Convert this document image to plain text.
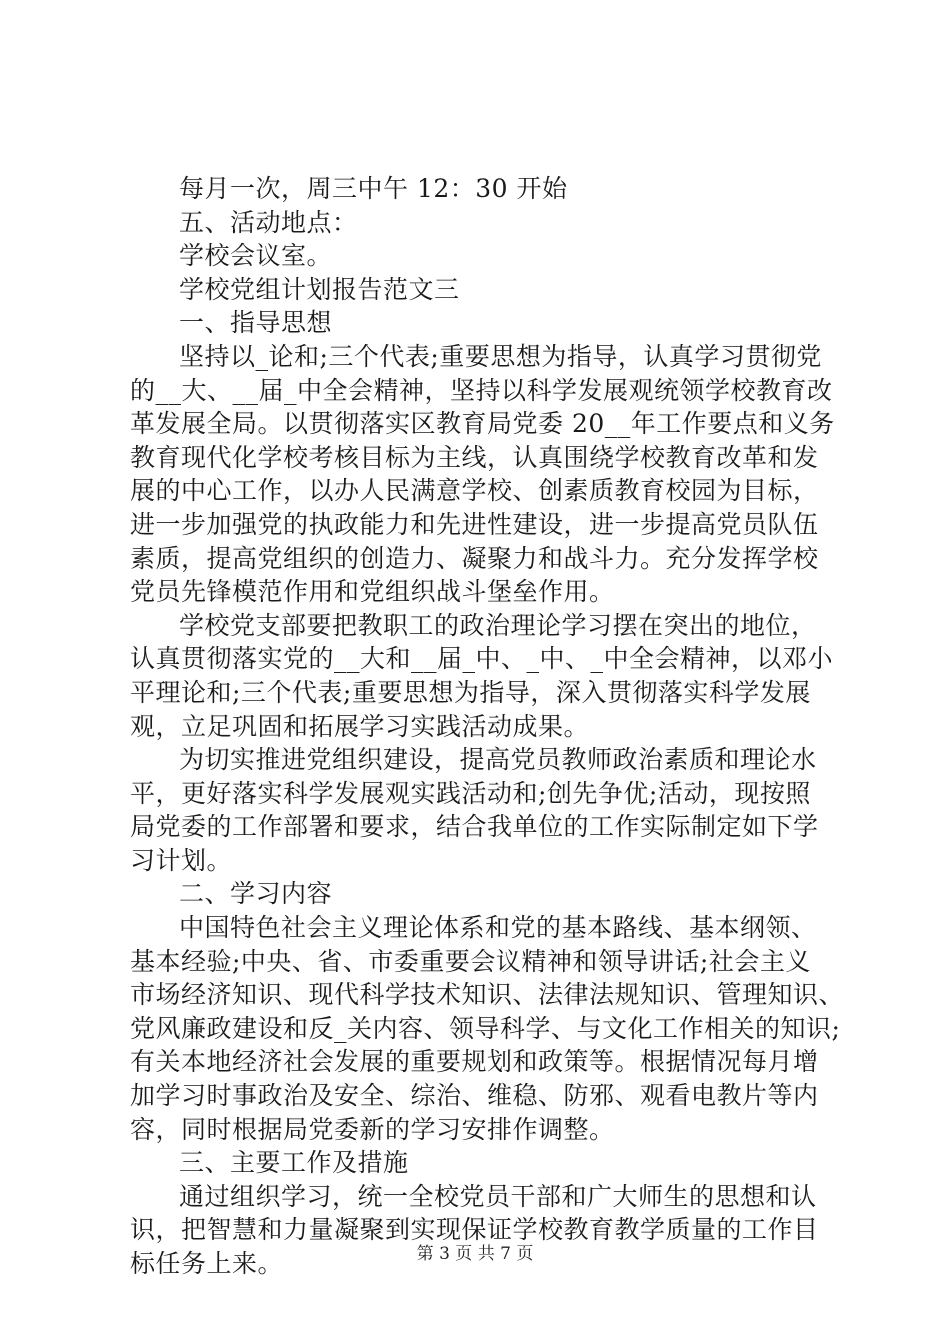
每月一次，周三中午 12：30 开始
五、活动地点：
学校会议室。
学校党组计划报告范文三
一、指导思想
坚持以_论和;三个代表;重要思想为指导，认真学习贯彻党
的__大、__届_中全会精神，坚持以科学发展观统领学校教育改
革发展全局。以贯彻落实区教育局党委 20__年工作要点和义务
教育现代化学校考核目标为主线，认真围绕学校教育改革和发
展的中心工作，以办人民满意学校、创素质教育校园为目标，
进一步加强党的执政能力和先进性建设，进一步提高党员队伍
素质，提高党组织的创造力、凝聚力和战斗力。充分发挥学校
党员先锋模范作用和党组织战斗堡垒作用。
学校党支部要把教职工的政治理论学习摆在突出的地位，
认真贯彻落实党的__大和__届_中、_中、_中全会精神，以邓小
平理论和;三个代表;重要思想为指导，深入贯彻落实科学发展
观，立足巩固和拓展学习实践活动成果。
为切实推进党组织建设，提高党员教师政治素质和理论水
平，更好落实科学发展观实践活动和;创先争优;活动，现按照
局党委的工作部署和要求，结合我单位的工作实际制定如下学
习计划。
二、学习内容
中国特色社会主义理论体系和党的基本路线、基本纲领、
基本经验;中央、省、市委重要会议精神和领导讲话;社会主义
市场经济知识、现代科学技术知识、法律法规知识、管理知识、
党风廉政建设和反_关内容、领导科学、与文化工作相关的知识;
有关本地经济社会发展的重要规划和政策等。根据情况每月增
加学习时事政治及安全、综治、维稳、防邪、观看电教片等内
容，同时根据局党委新的学习安排作调整。
三、主要工作及措施
通过组织学习，统一全校党员干部和广大师生的思想和认
识，把智慧和力量凝聚到实现保证学校教育教学质量的工作目
标任务上来。	第 3 页 共 7 页
